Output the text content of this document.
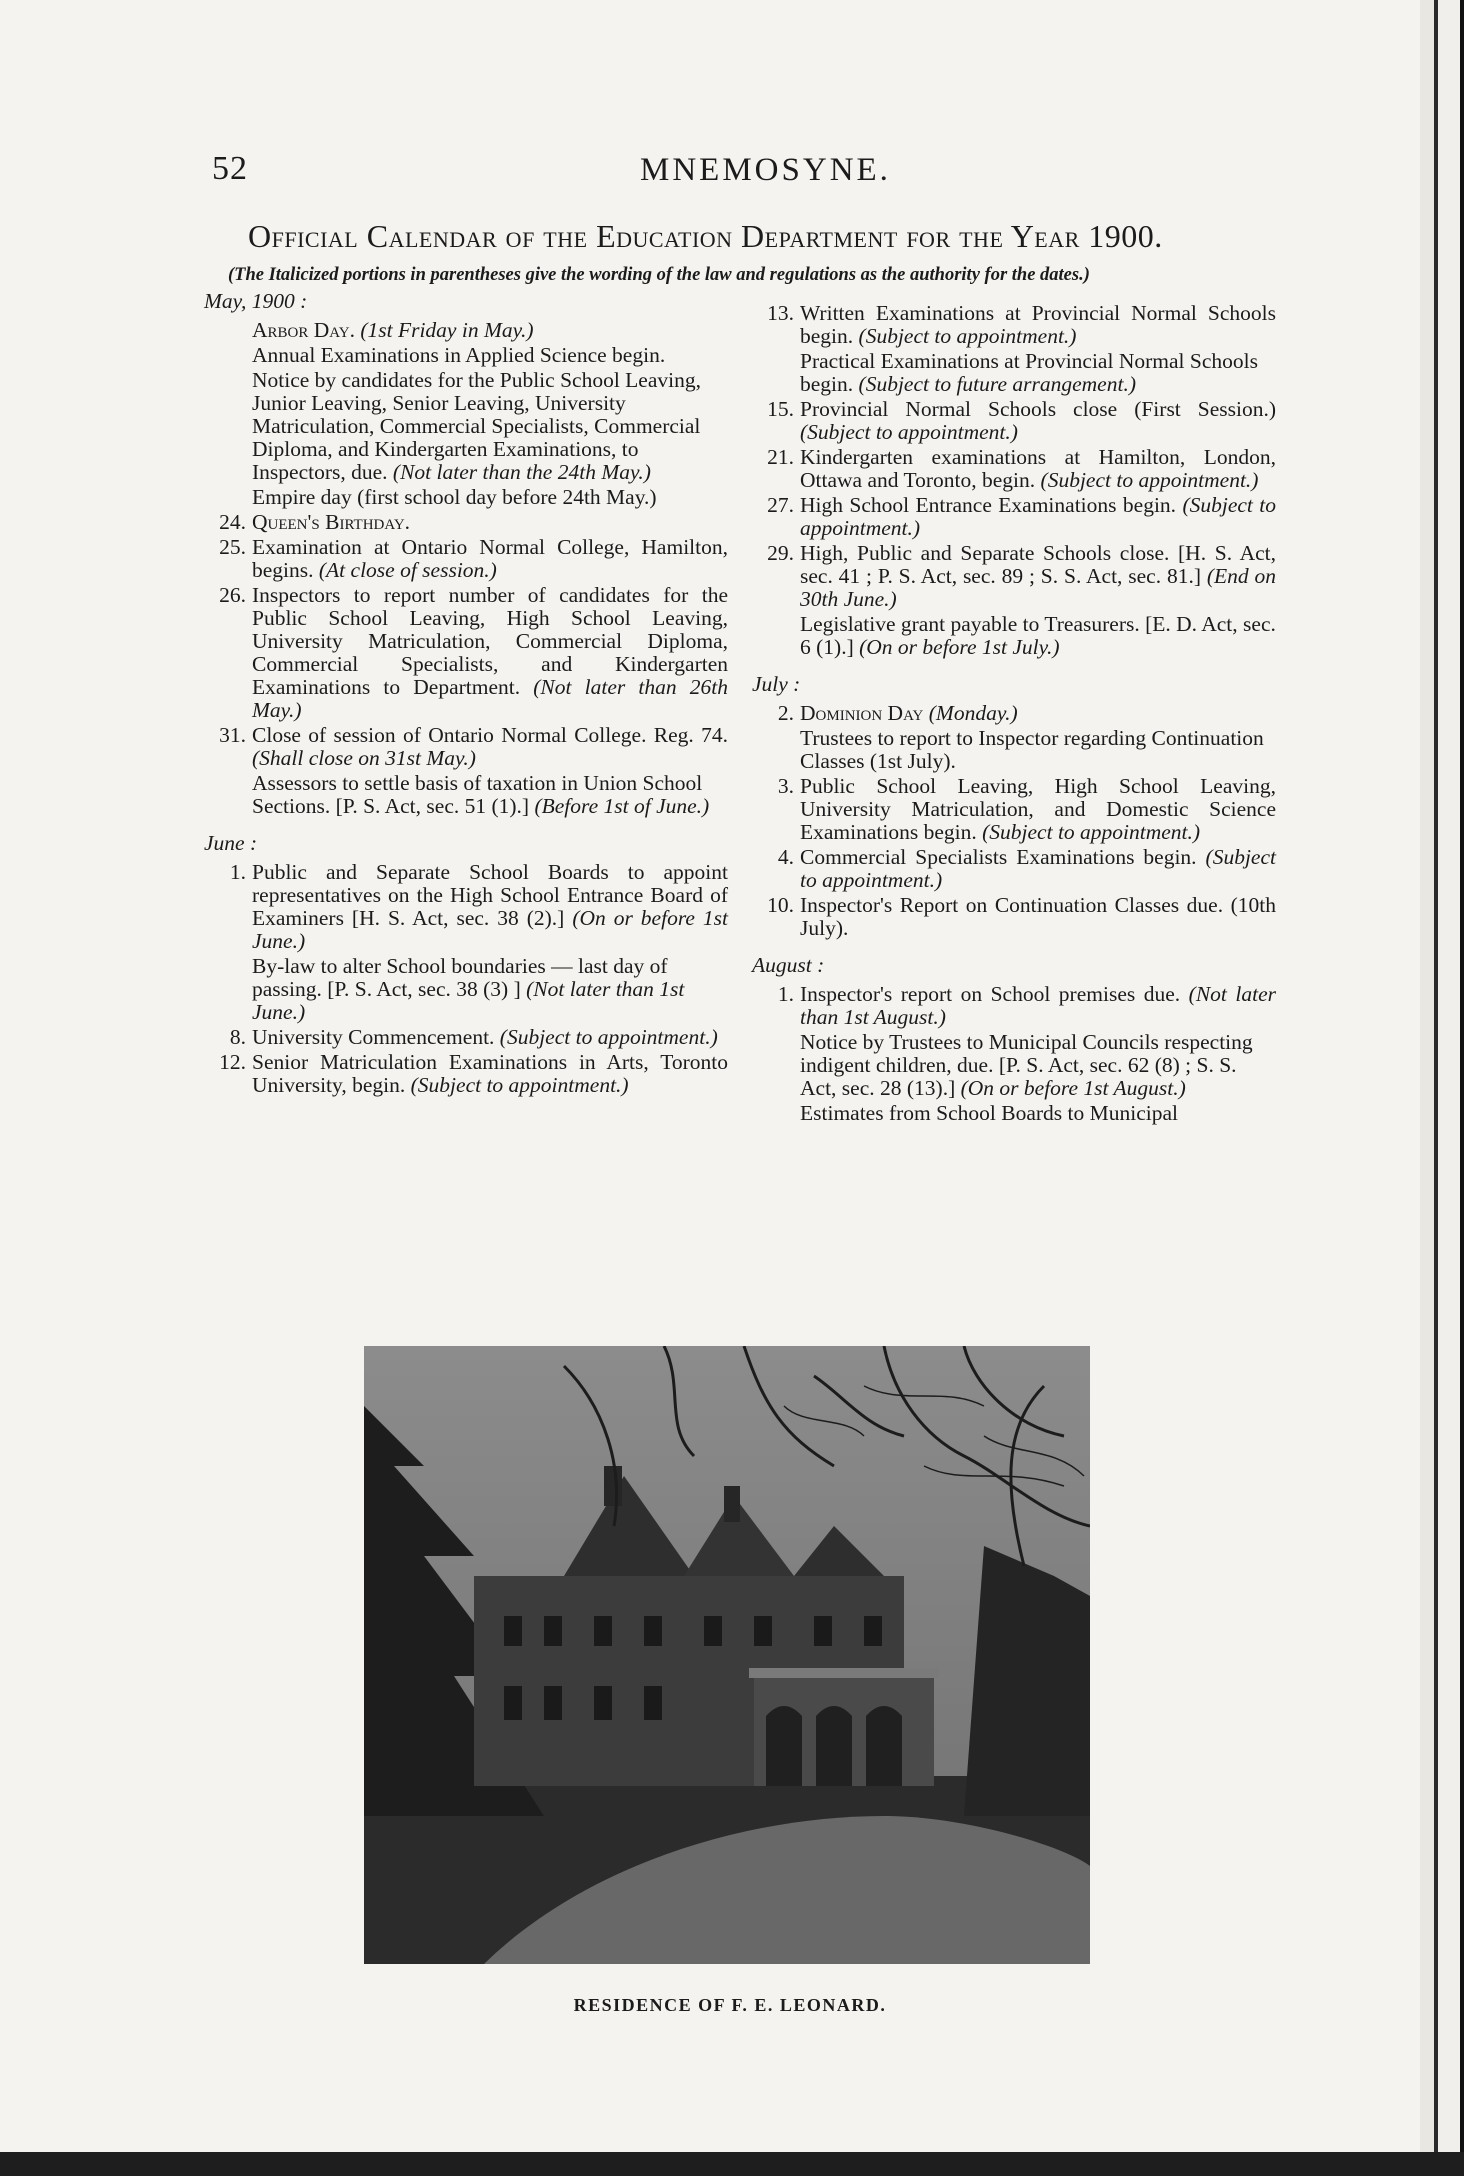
52	MNEMOSYNE.
Official Calendar of the Education Department for the Year 1900.
(The Italicized portions in parentheses give the wording of the law and regulations as the authority for the dates.)
May, 1900 :
Arbor Day. (1st Friday in May.)
Annual Examinations in Applied Science begin.
Notice by candidates for the Public School Leaving, Junior Leaving, Senior Leaving, University Matriculation, Commercial Specialists, Commercial Diploma, and Kindergarten Examinations, to Inspectors, due. (Not later than the 24th May.)
Empire day (first school day before 24th May.)
24. Queen's Birthday.
25. Examination at Ontario Normal College, Hamilton, begins. (At close of session.)
26. Inspectors to report number of candidates for the Public School Leaving, High School Leaving, University Matriculation, Commercial Diploma, Commercial Specialists, and Kindergarten Examinations to Department. (Not later than 26th May.)
31. Close of session of Ontario Normal College. Reg. 74. (Shall close on 31st May.)
Assessors to settle basis of taxation in Union School Sections. [P. S. Act, sec. 51 (1).] (Before 1st of June.)
June :
1. Public and Separate School Boards to appoint representatives on the High School Entrance Board of Examiners [H. S. Act, sec. 38 (2).] (On or before 1st June.)
By-law to alter School boundaries — last day of passing. [P. S. Act, sec. 38 (3) ] (Not later than 1st June.)
8. University Commencement. (Subject to appointment.)
12. Senior Matriculation Examinations in Arts, Toronto University, begin. (Subject to appointment.)
13. Written Examinations at Provincial Normal Schools begin. (Subject to appointment.)
Practical Examinations at Provincial Normal Schools begin. (Subject to future arrangement.)
15. Provincial Normal Schools close (First Session.) (Subject to appointment.)
21. Kindergarten examinations at Hamilton, London, Ottawa and Toronto, begin. (Subject to appointment.)
27. High School Entrance Examinations begin. (Subject to appointment.)
29. High, Public and Separate Schools close. [H. S. Act, sec. 41 ; P. S. Act, sec. 89 ; S. S. Act, sec. 81.] (End on 30th June.)
Legislative grant payable to Treasurers. [E. D. Act, sec. 6 (1).] (On or before 1st July.)
July :
2. Dominion Day (Monday.)
Trustees to report to Inspector regarding Continuation Classes (1st July).
3. Public School Leaving, High School Leaving, University Matriculation, and Domestic Science Examinations begin. (Subject to appointment.)
4. Commercial Specialists Examinations begin. (Subject to appointment.)
10. Inspector's Report on Continuation Classes due. (10th July).
August :
1. Inspector's report on School premises due. (Not later than 1st August.)
Notice by Trustees to Municipal Councils respecting indigent children, due. [P. S. Act, sec. 62 (8) ; S. S. Act, sec. 28 (13).] (On or before 1st August.)
Estimates from School Boards to Municipal
RESIDENCE OF F. E. LEONARD.
